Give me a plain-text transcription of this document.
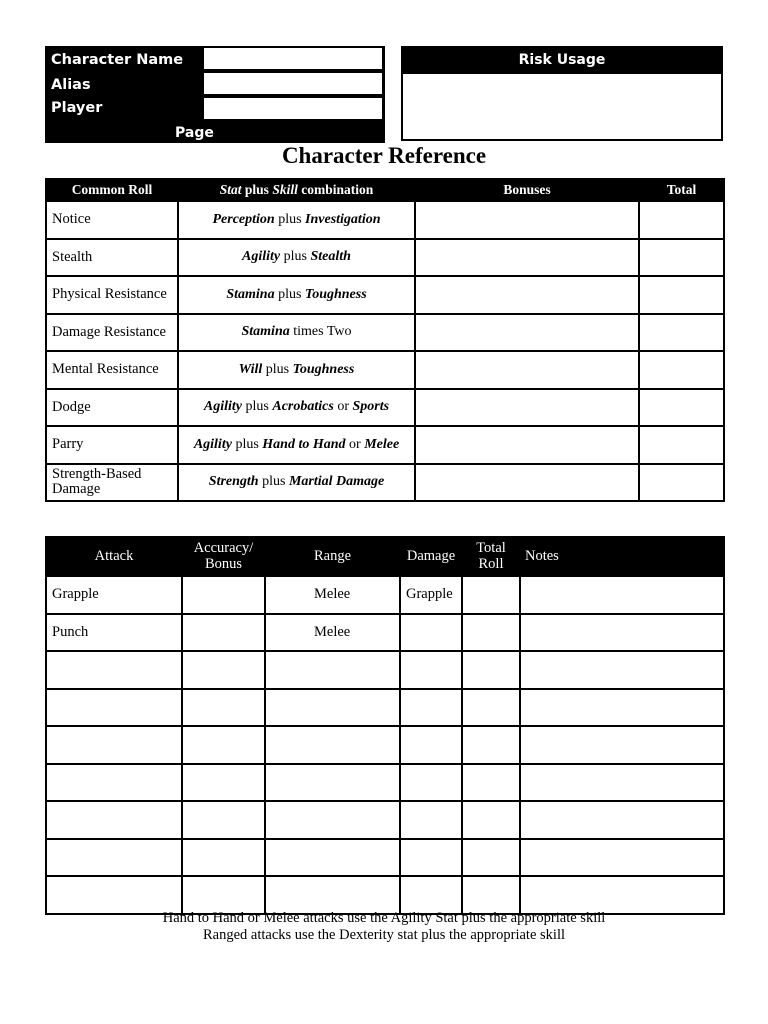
Character Name
Alias
Player
Page
Risk Usage
Character Reference
Common Roll	Stat plus Skill combination	Bonuses	Total
Notice	Perception plus Investigation		
Stealth	Agility plus Stealth		
Physical Resistance	Stamina plus Toughness		
Damage Resistance	Stamina times Two		
Mental Resistance	Will plus Toughness		
Dodge	Agility plus Acrobatics or Sports		
Parry	Agility plus Hand to Hand or Melee		
Strength-Based Damage	Strength plus Martial Damage		
Attack	Accuracy/ Bonus	Range	Damage	Total Roll	Notes
Grapple		Melee	Grapple		
Punch		Melee			

Hand to Hand or Melee attacks use the Agility Stat plus the appropriate skill
Ranged attacks use the Dexterity stat plus the appropriate skill
